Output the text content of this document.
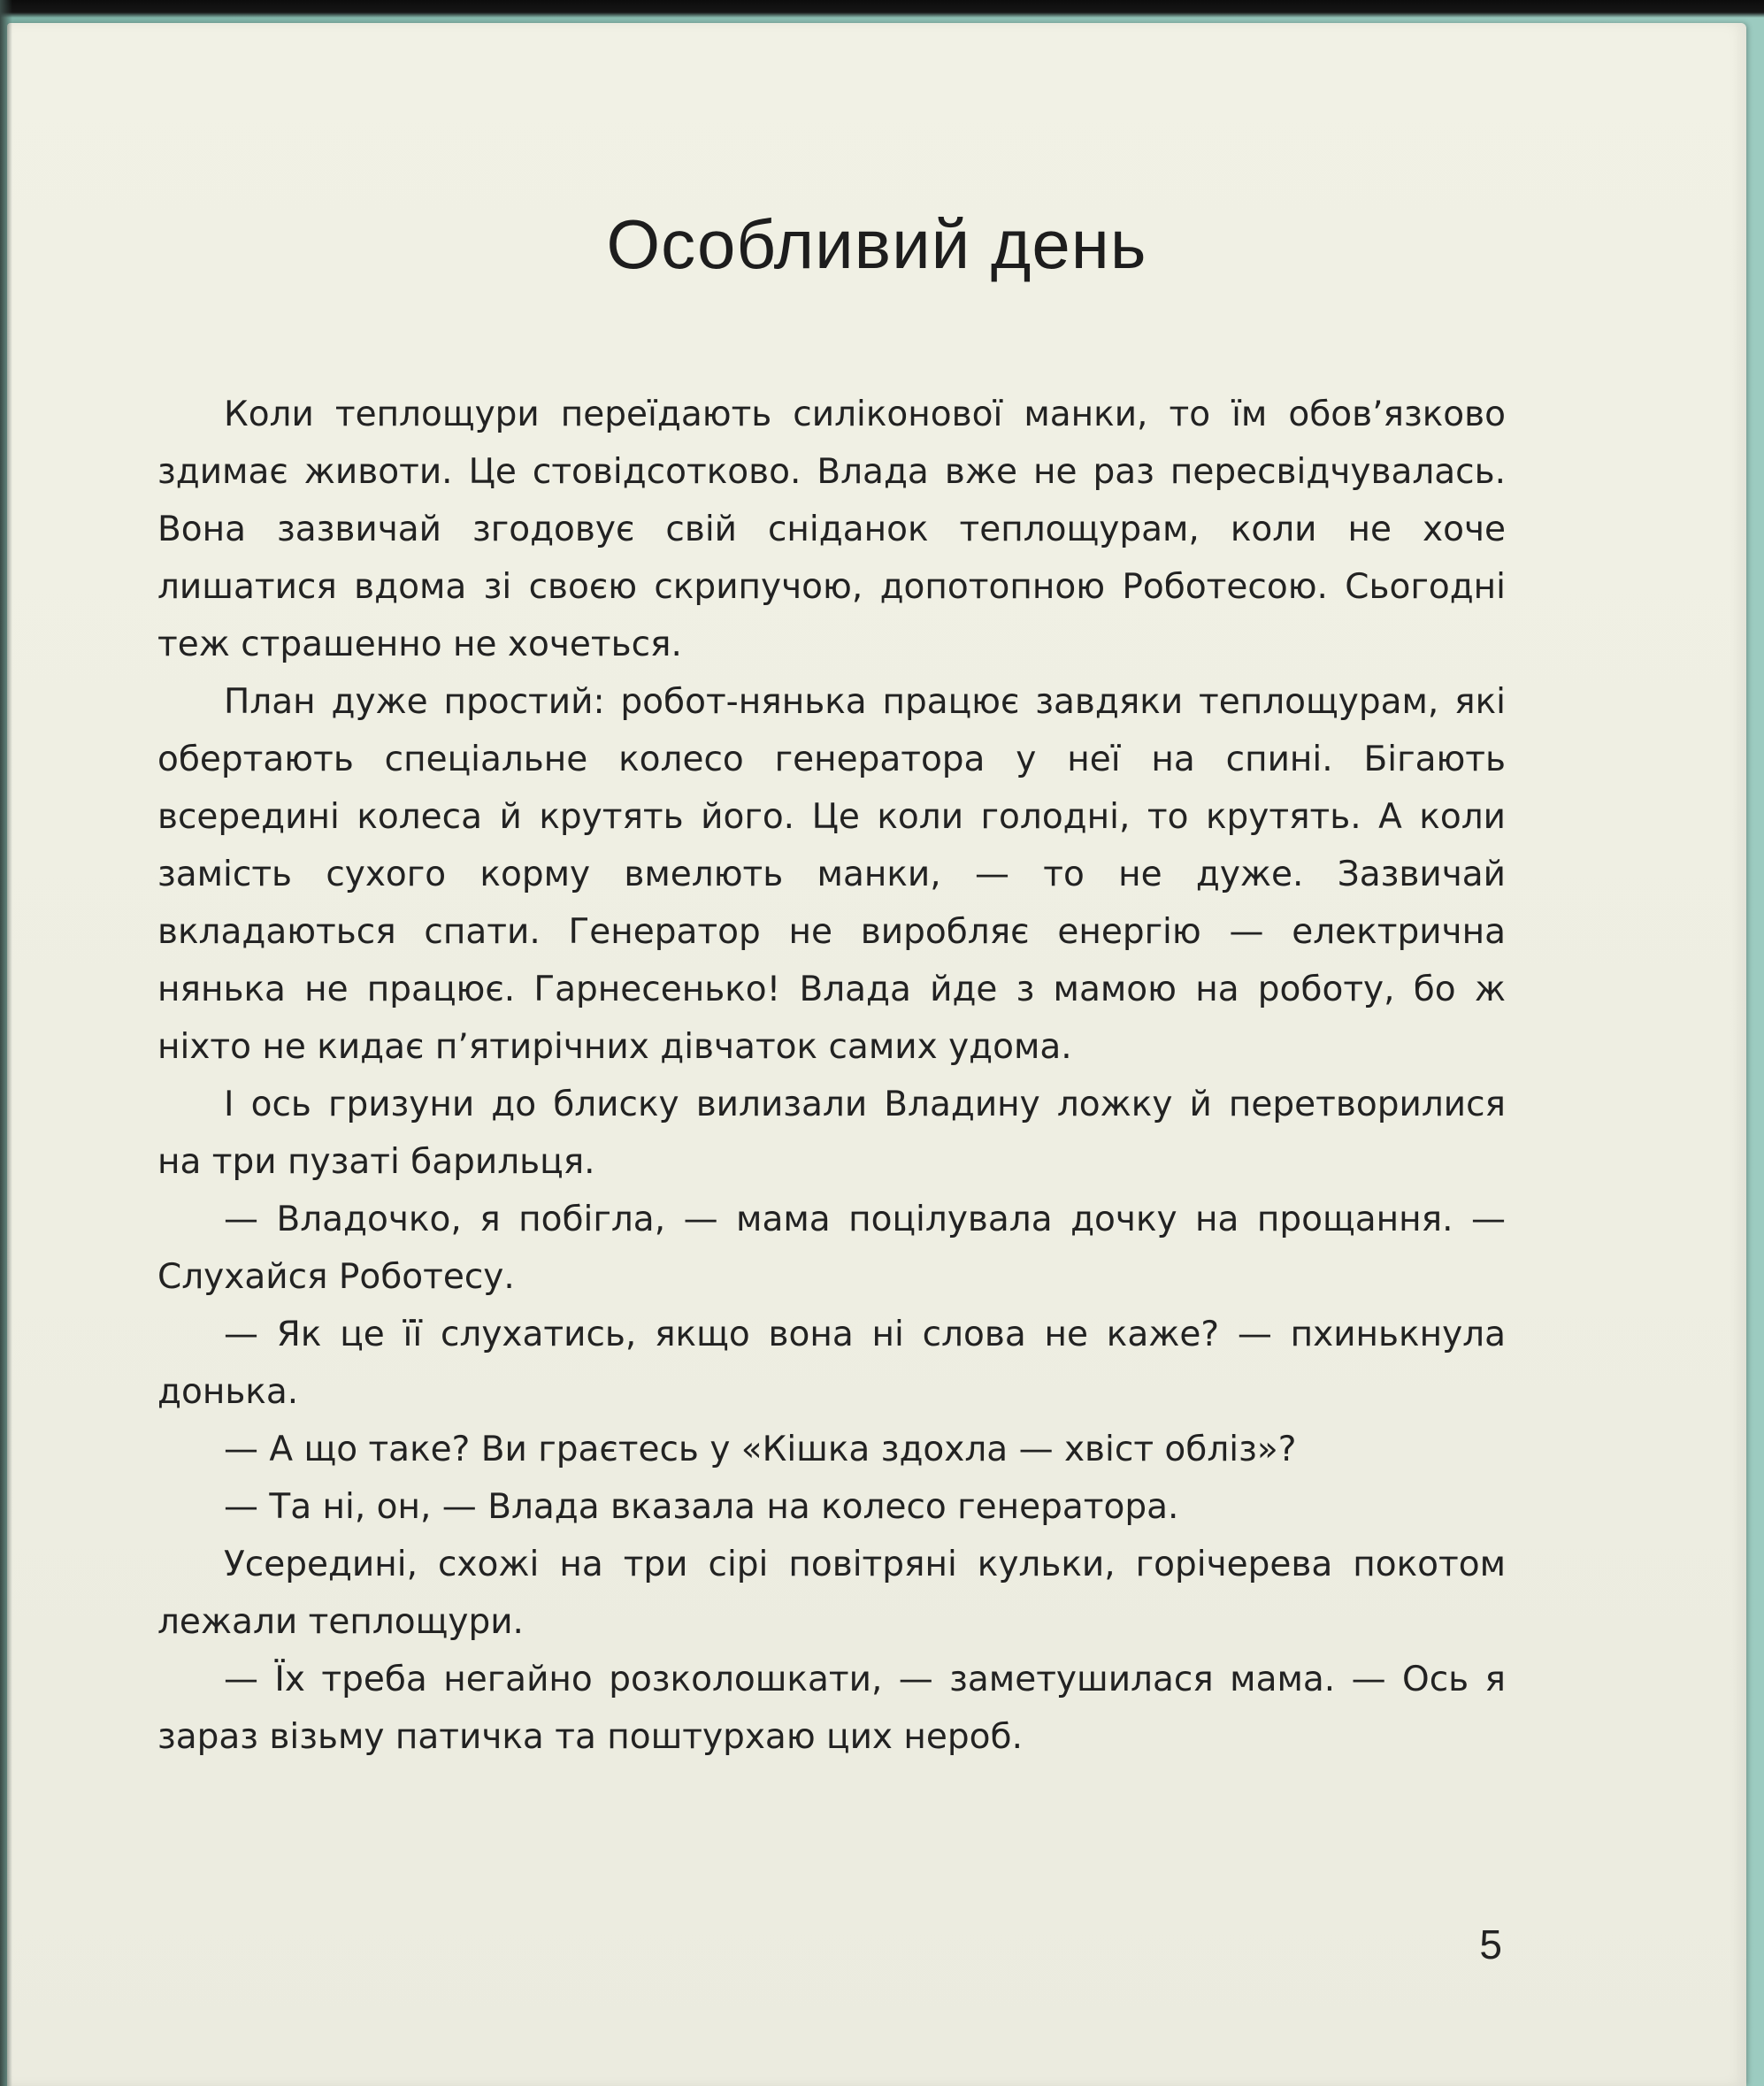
Особливий день

Коли теплощури переїдають силіконової манки, то їм обов’язково здимає животи. Це стовідсотково. Влада вже не раз пересвідчувалась. Вона зазвичай згодовує свій сніданок теплощурам, коли не хоче лишатися вдома зі своєю скрипучою, допотопною Роботесою. Сьогодні теж страшенно не хочеться.

План дуже простий: робот-нянька працює завдяки теплощурам, які обертають спеціальне колесо генератора у неї на спині. Бігають всередині колеса й крутять його. Це коли голодні, то крутять. А коли замість сухого корму вмелють манки, — то не дуже. Зазвичай вкладаються спати. Генератор не виробляє енергію — електрична нянька не працює. Гарнесенько! Влада йде з мамою на роботу, бо ж ніхто не кидає п’ятирічних дівчаток самих удома.

І ось гризуни до блиску вилизали Владину ложку й перетворилися на три пузаті барильця.

— Владочко, я побігла, — мама поцілувала дочку на прощання. — Слухайся Роботесу.

— Як це її слухатись, якщо вона ні слова не каже? — пхинькнула донька.

— А що таке? Ви граєтесь у «Кішка здохла — хвіст обліз»?

— Та ні, он, — Влада вказала на колесо генератора.

Усередині, схожі на три сірі повітряні кульки, горічерева покотом лежали теплощури.

— Їх треба негайно розколошкати, — заметушилася мама. — Ось я зараз візьму патичка та поштурхаю цих нероб.

5
